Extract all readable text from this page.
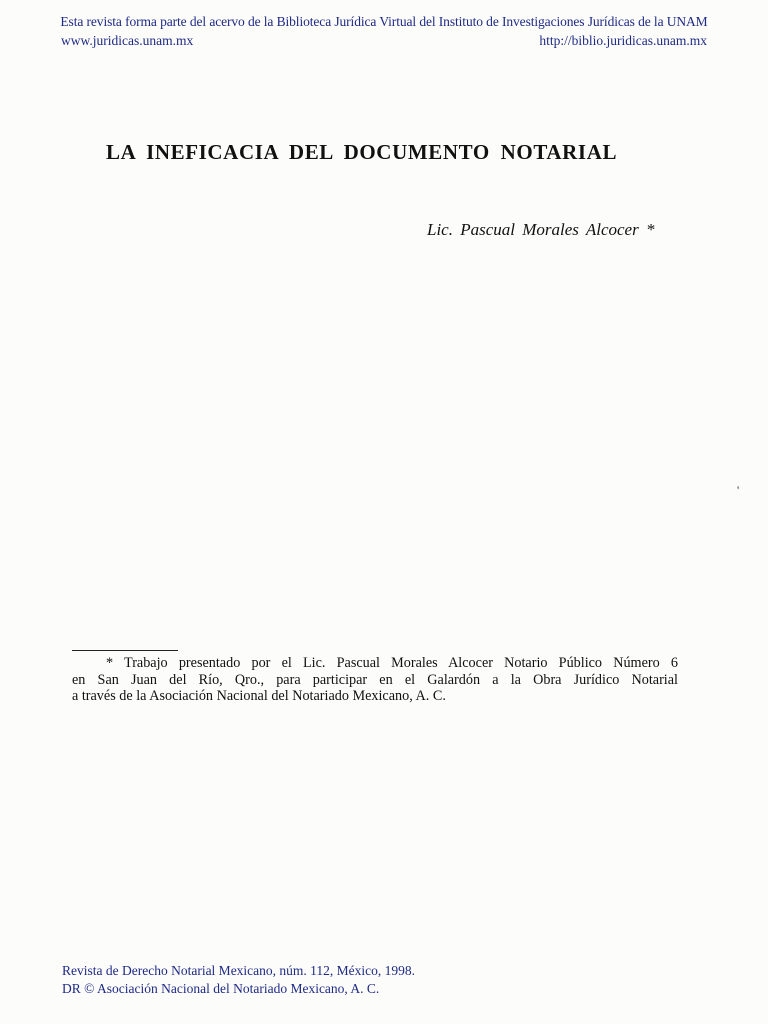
Esta revista forma parte del acervo de la Biblioteca Jurídica Virtual del Instituto de Investigaciones Jurídicas de la UNAM
www.juridicas.unam.mx	http://biblio.juridicas.unam.mx
LA INEFICACIA DEL DOCUMENTO NOTARIAL
Lic. Pascual Morales Alcocer *
'
* Trabajo presentado por el Lic. Pascual Morales Alcocer Notario Público Número 6
en San Juan del Río, Qro., para participar en el Galardón a la Obra Jurídico Notarial
a través de la Asociación Nacional del Notariado Mexicano, A. C.
Revista de Derecho Notarial Mexicano, núm. 112, México, 1998.
DR © Asociación Nacional del Notariado Mexicano, A. C.
